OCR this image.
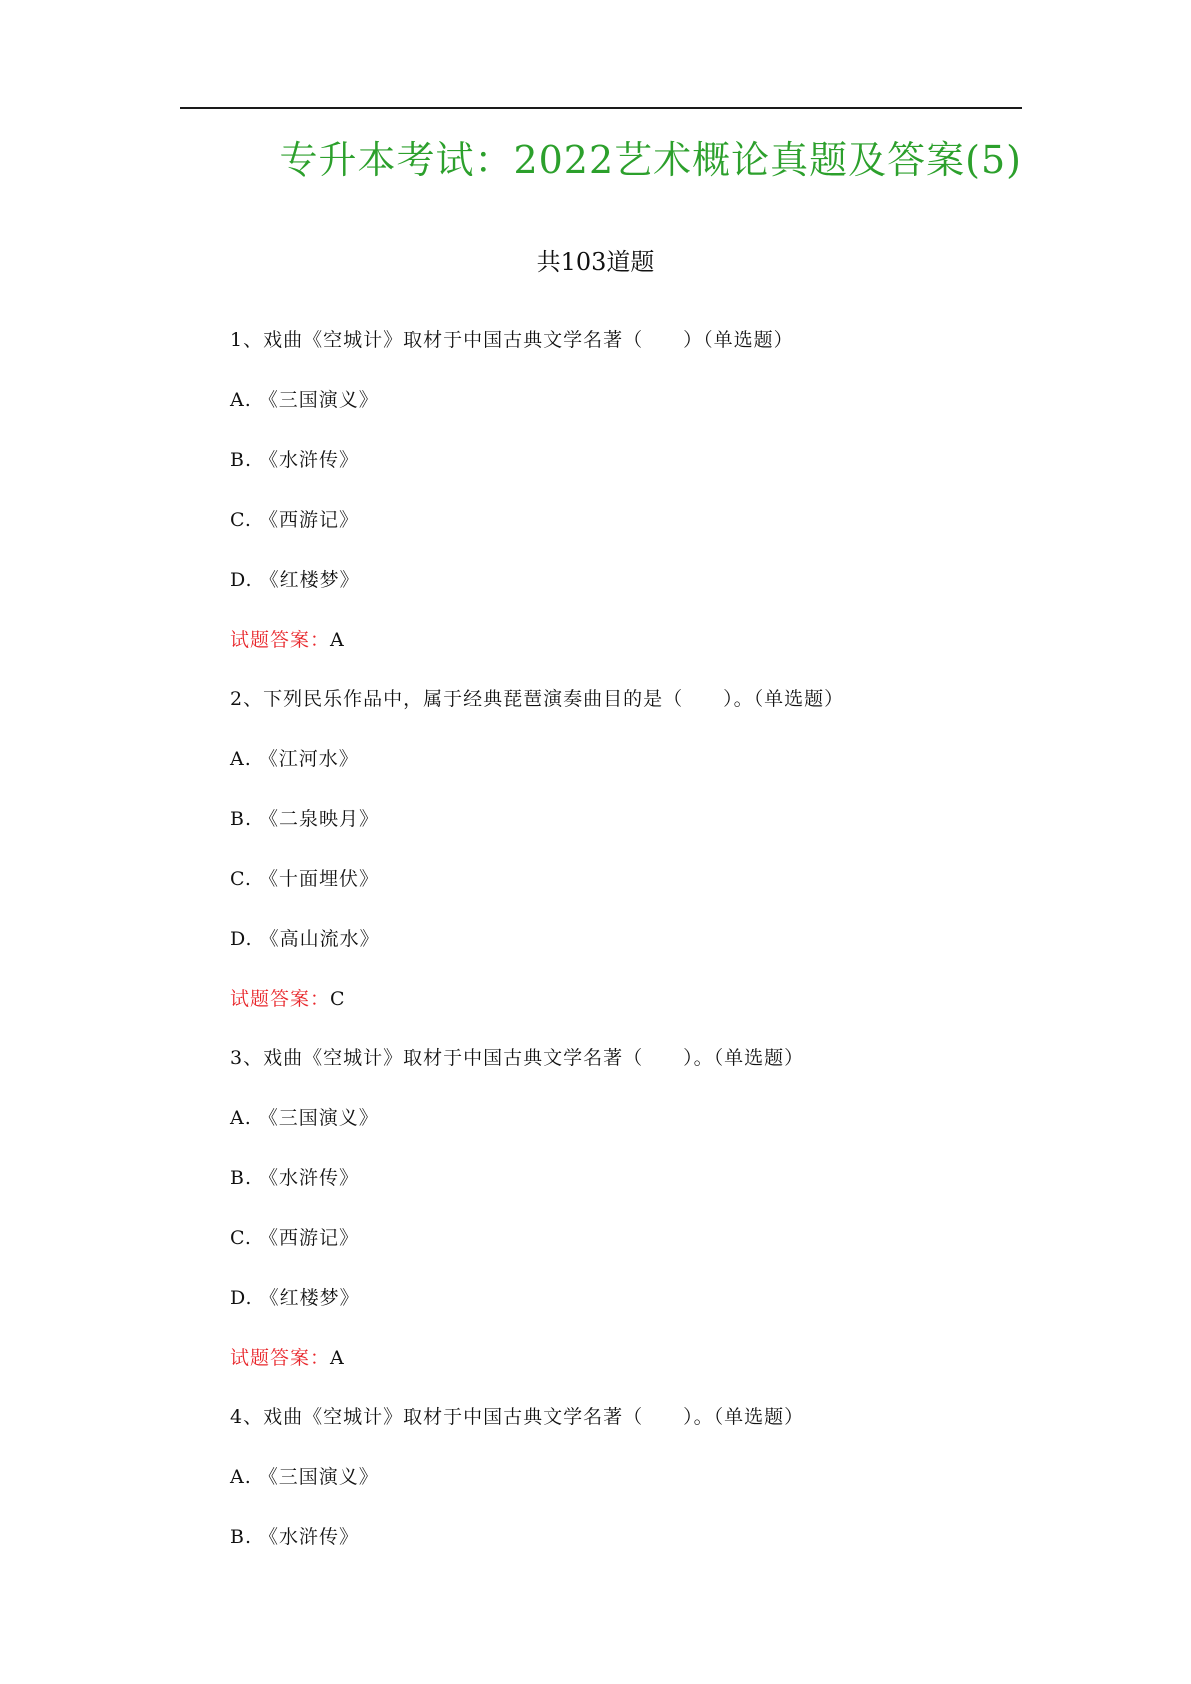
专升本考试：2022艺术概论真题及答案(5)
共103道题
1、戏曲《空城计》取材于中国古典文学名著（　　）（单选题）
A. 《三国演义》
B. 《水浒传》
C. 《西游记》
D. 《红楼梦》
试题答案：A
2、下列民乐作品中，属于经典琵琶演奏曲目的是（　　）。（单选题）
A. 《江河水》
B. 《二泉映月》
C. 《十面埋伏》
D. 《高山流水》
试题答案：C
3、戏曲《空城计》取材于中国古典文学名著（　　）。（单选题）
A. 《三国演义》
B. 《水浒传》
C. 《西游记》
D. 《红楼梦》
试题答案：A
4、戏曲《空城计》取材于中国古典文学名著（　　）。（单选题）
A. 《三国演义》
B. 《水浒传》
